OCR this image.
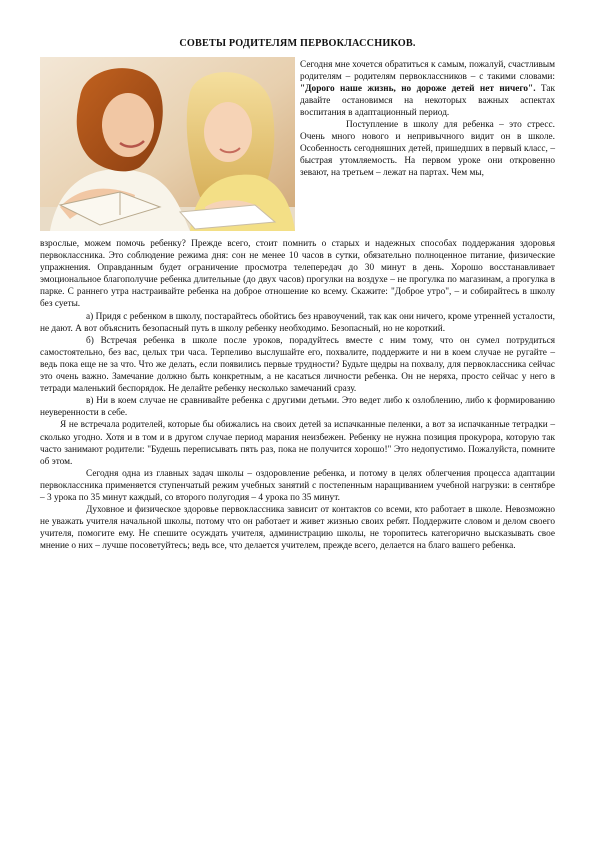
СОВЕТЫ РОДИТЕЛЯМ ПЕРВОКЛАССНИКОВ.

Сегодня мне хочется обратиться к самым, пожалуй, счастливым родителям – родителям первоклассников – с такими словами: "Дорого наше жизнь, но дороже детей нет ничего". Так давайте остановимся на некоторых важных аспектах воспитания в адаптационный период.

Поступление в школу для ребенка – это стресс. Очень много нового и непривычного видит он в школе. Особенность сегодняшних детей, пришедших в первый класс, – быстрая утомляемость. На первом уроке они откровенно зевают, на третьем – лежат на партах. Чем мы,

взрослые, можем помочь ребенку? Прежде всего, стоит помнить о старых и надежных способах поддержания здоровья первоклассника. Это соблюдение режима дня: сон не менее 10 часов в сутки, обязательно полноценное питание, физические упражнения. Оправданным будет ограничение просмотра телепередач до 30 минут в день. Хорошо восстанавливает эмоциональное благополучие ребенка длительные (до двух часов) прогулки на воздухе – не прогулка по магазинам, а прогулка в парке. С раннего утра настраивайте ребенка на доброе отношение ко всему. Скажите: "Доброе утро", – и собирайтесь в школу без суеты.

а) Придя с ребенком в школу, постарайтесь обойтись без нравоучений, так как они ничего, кроме утренней усталости, не дают. А вот объяснить безопасный путь в школу ребенку необходимо. Безопасный, но не короткий.

б) Встречая ребенка в школе после уроков, порадуйтесь вместе с ним тому, что он сумел потрудиться самостоятельно, без вас, целых три часа. Терпеливо выслушайте его, похвалите, поддержите и ни в коем случае не ругайте – ведь пока еще не за что. Что же делать, если появились первые трудности? Будьте щедры на похвалу, для первоклассника сейчас это очень важно. Замечание должно быть конкретным, а не касаться личности ребенка. Он не неряха, просто сейчас у него в тетради маленький беспорядок. Не делайте ребенку несколько замечаний сразу.

в) Ни в коем случае не сравнивайте ребенка с другими детьми. Это ведет либо к озлоблению, либо к формированию неуверенности в себе.

Я не встречала родителей, которые бы обижались на своих детей за испачканные пеленки, а вот за испачканные тетрадки – сколько угодно. Хотя и в том и в другом случае период марания неизбежен. Ребенку не нужна позиция прокурора, которую так часто занимают родители: "Будешь переписывать пять раз, пока не получится хорошо!" Это недопустимо. Пожалуйста, помните об этом.

Сегодня одна из главных задач школы – оздоровление ребенка, и потому в целях облегчения процесса адаптации первоклассника применяется ступенчатый режим учебных занятий с постепенным наращиванием учебной нагрузки: в сентябре – 3 урока по 35 минут каждый, со второго полугодия – 4 урока по 35 минут.

Духовное и физическое здоровье первоклассника зависит от контактов со всеми, кто работает в школе. Невозможно не уважать учителя начальной школы, потому что он работает и живет жизнью своих ребят. Поддержите словом и делом своего учителя, помогите ему. Не спешите осуждать учителя, администрацию школы, не торопитесь категорично высказывать свое мнение о них – лучше посоветуйтесь; ведь все, что делается учителем, прежде всего, делается на благо вашего ребенка.
